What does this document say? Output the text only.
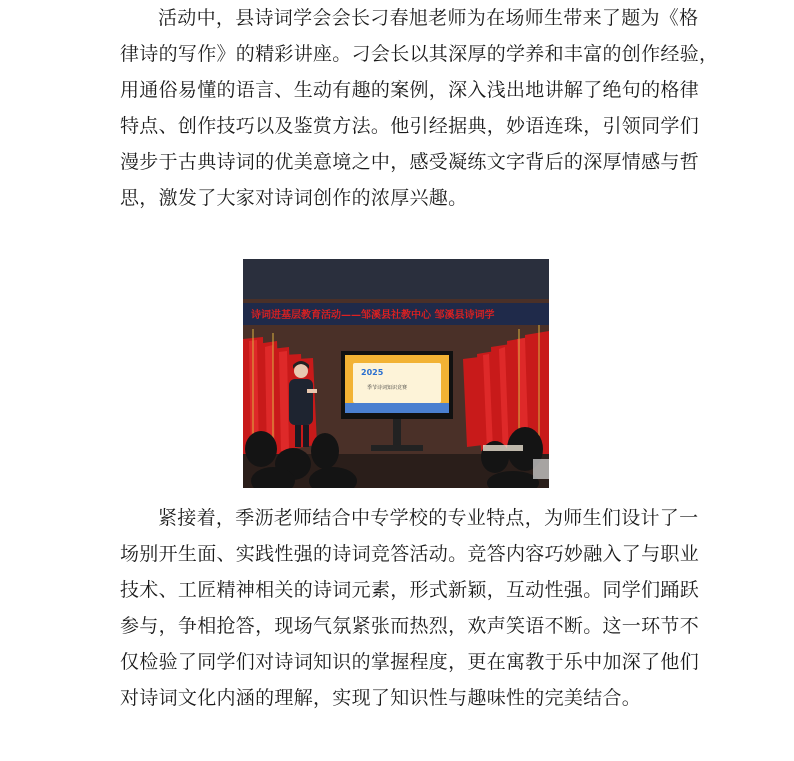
活动中，县诗词学会会长刁春旭老师为在场师生带来了题为《格
律诗的写作》的精彩讲座。刁会长以其深厚的学养和丰富的创作经验，
用通俗易懂的语言、生动有趣的案例，深入浅出地讲解了绝句的格律
特点、创作技巧以及鉴赏方法。他引经据典，妙语连珠，引领同学们
漫步于古典诗词的优美意境之中，感受凝练文字背后的深厚情感与哲
思，激发了大家对诗词创作的浓厚兴趣。
诗词进基层教育活动——邹溪县社教中心 邹溪县诗词学
2025
季节诗词知识竞赛
紧接着，季沥老师结合中专学校的专业特点，为师生们设计了一
场别开生面、实践性强的诗词竞答活动。竞答内容巧妙融入了与职业
技术、工匠精神相关的诗词元素，形式新颖，互动性强。同学们踊跃
参与，争相抢答，现场气氛紧张而热烈，欢声笑语不断。这一环节不
仅检验了同学们对诗词知识的掌握程度，更在寓教于乐中加深了他们
对诗词文化内涵的理解，实现了知识性与趣味性的完美结合。
